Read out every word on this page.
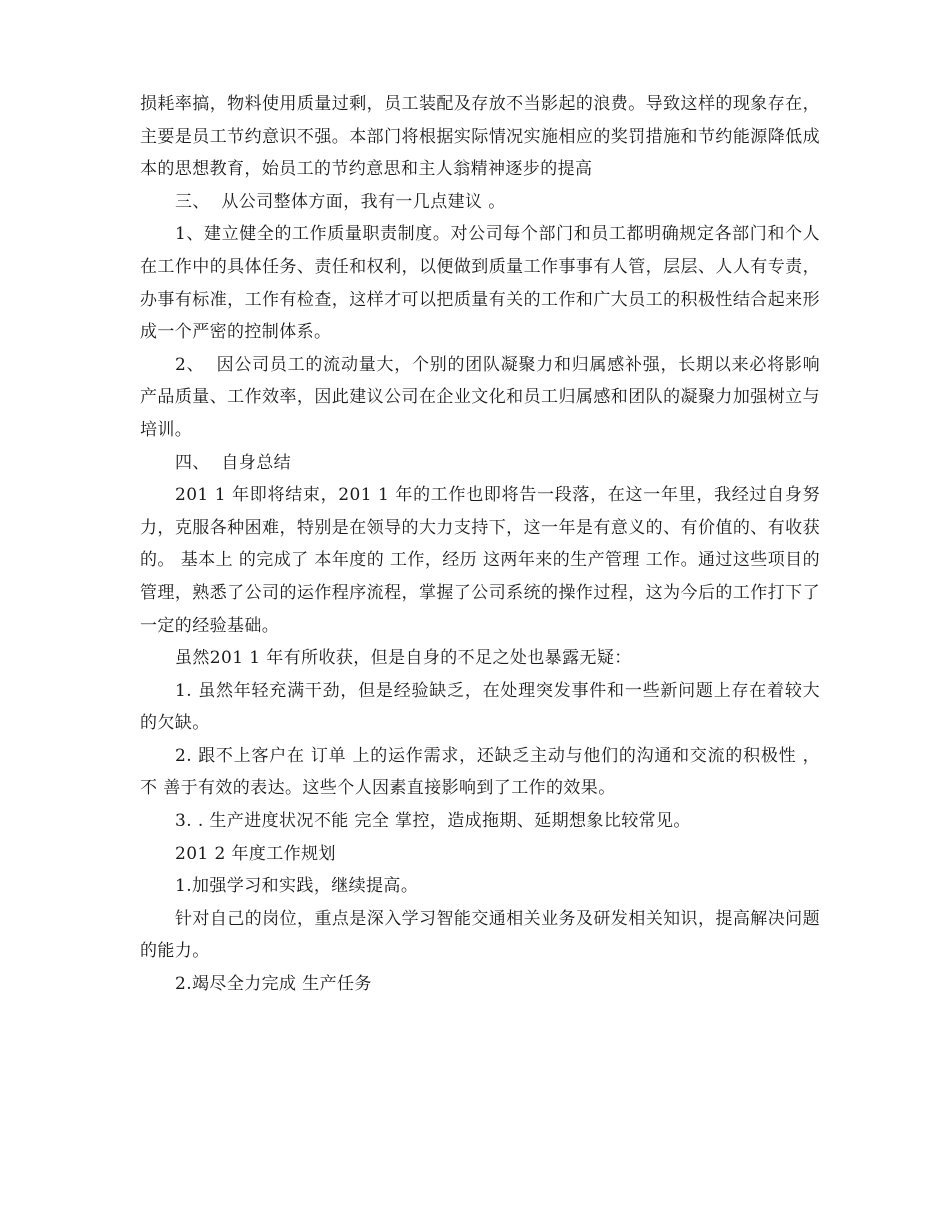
损耗率搞，物料使用质量过剩，员工装配及存放不当影起的浪费。导致这样的现象存在，主要是员工节约意识不强。本部门将根据实际情况实施相应的奖罚措施和节约能源降低成本的思想教育，始员工的节约意思和主人翁精神逐步的提高

三、  从公司整体方面，我有一几点建议 。

1、建立健全的工作质量职责制度。对公司每个部门和员工都明确规定各部门和个人在工作中的具体任务、责任和权利，以便做到质量工作事事有人管，层层、人人有专责，办事有标准，工作有检查，这样才可以把质量有关的工作和广大员工的积极性结合起来形成一个严密的控制体系。

2、  因公司员工的流动量大，个别的团队凝聚力和归属感补强，长期以来必将影响产品质量、工作效率，因此建议公司在企业文化和员工归属感和团队的凝聚力加强树立与培训。

四、  自身总结

201 1 年即将结束，201 1 年的工作也即将告一段落，在这一年里，我经过自身努力，克服各种困难，特别是在领导的大力支持下，这一年是有意义的、有价值的、有收获的。 基本上 的完成了 本年度的 工作，经历 这两年来的生产管理 工作。通过这些项目的管理，熟悉了公司的运作程序流程，掌握了公司系统的操作过程，这为今后的工作打下了一定的经验基础。

虽然201 1 年有所收获，但是自身的不足之处也暴露无疑：

1. 虽然年轻充满干劲，但是经验缺乏，在处理突发事件和一些新问题上存在着较大的欠缺。

2. 跟不上客户在 订单 上的运作需求，还缺乏主动与他们的沟通和交流的积极性 ，不 善于有效的表达。这些个人因素直接影响到了工作的效果。

3. . 生产进度状况不能 完全 掌控，造成拖期、延期想象比较常见。

201 2 年度工作规划

1.加强学习和实践，继续提高。

针对自己的岗位，重点是深入学习智能交通相关业务及研发相关知识，提高解决问题的能力。

2.竭尽全力完成 生产任务
